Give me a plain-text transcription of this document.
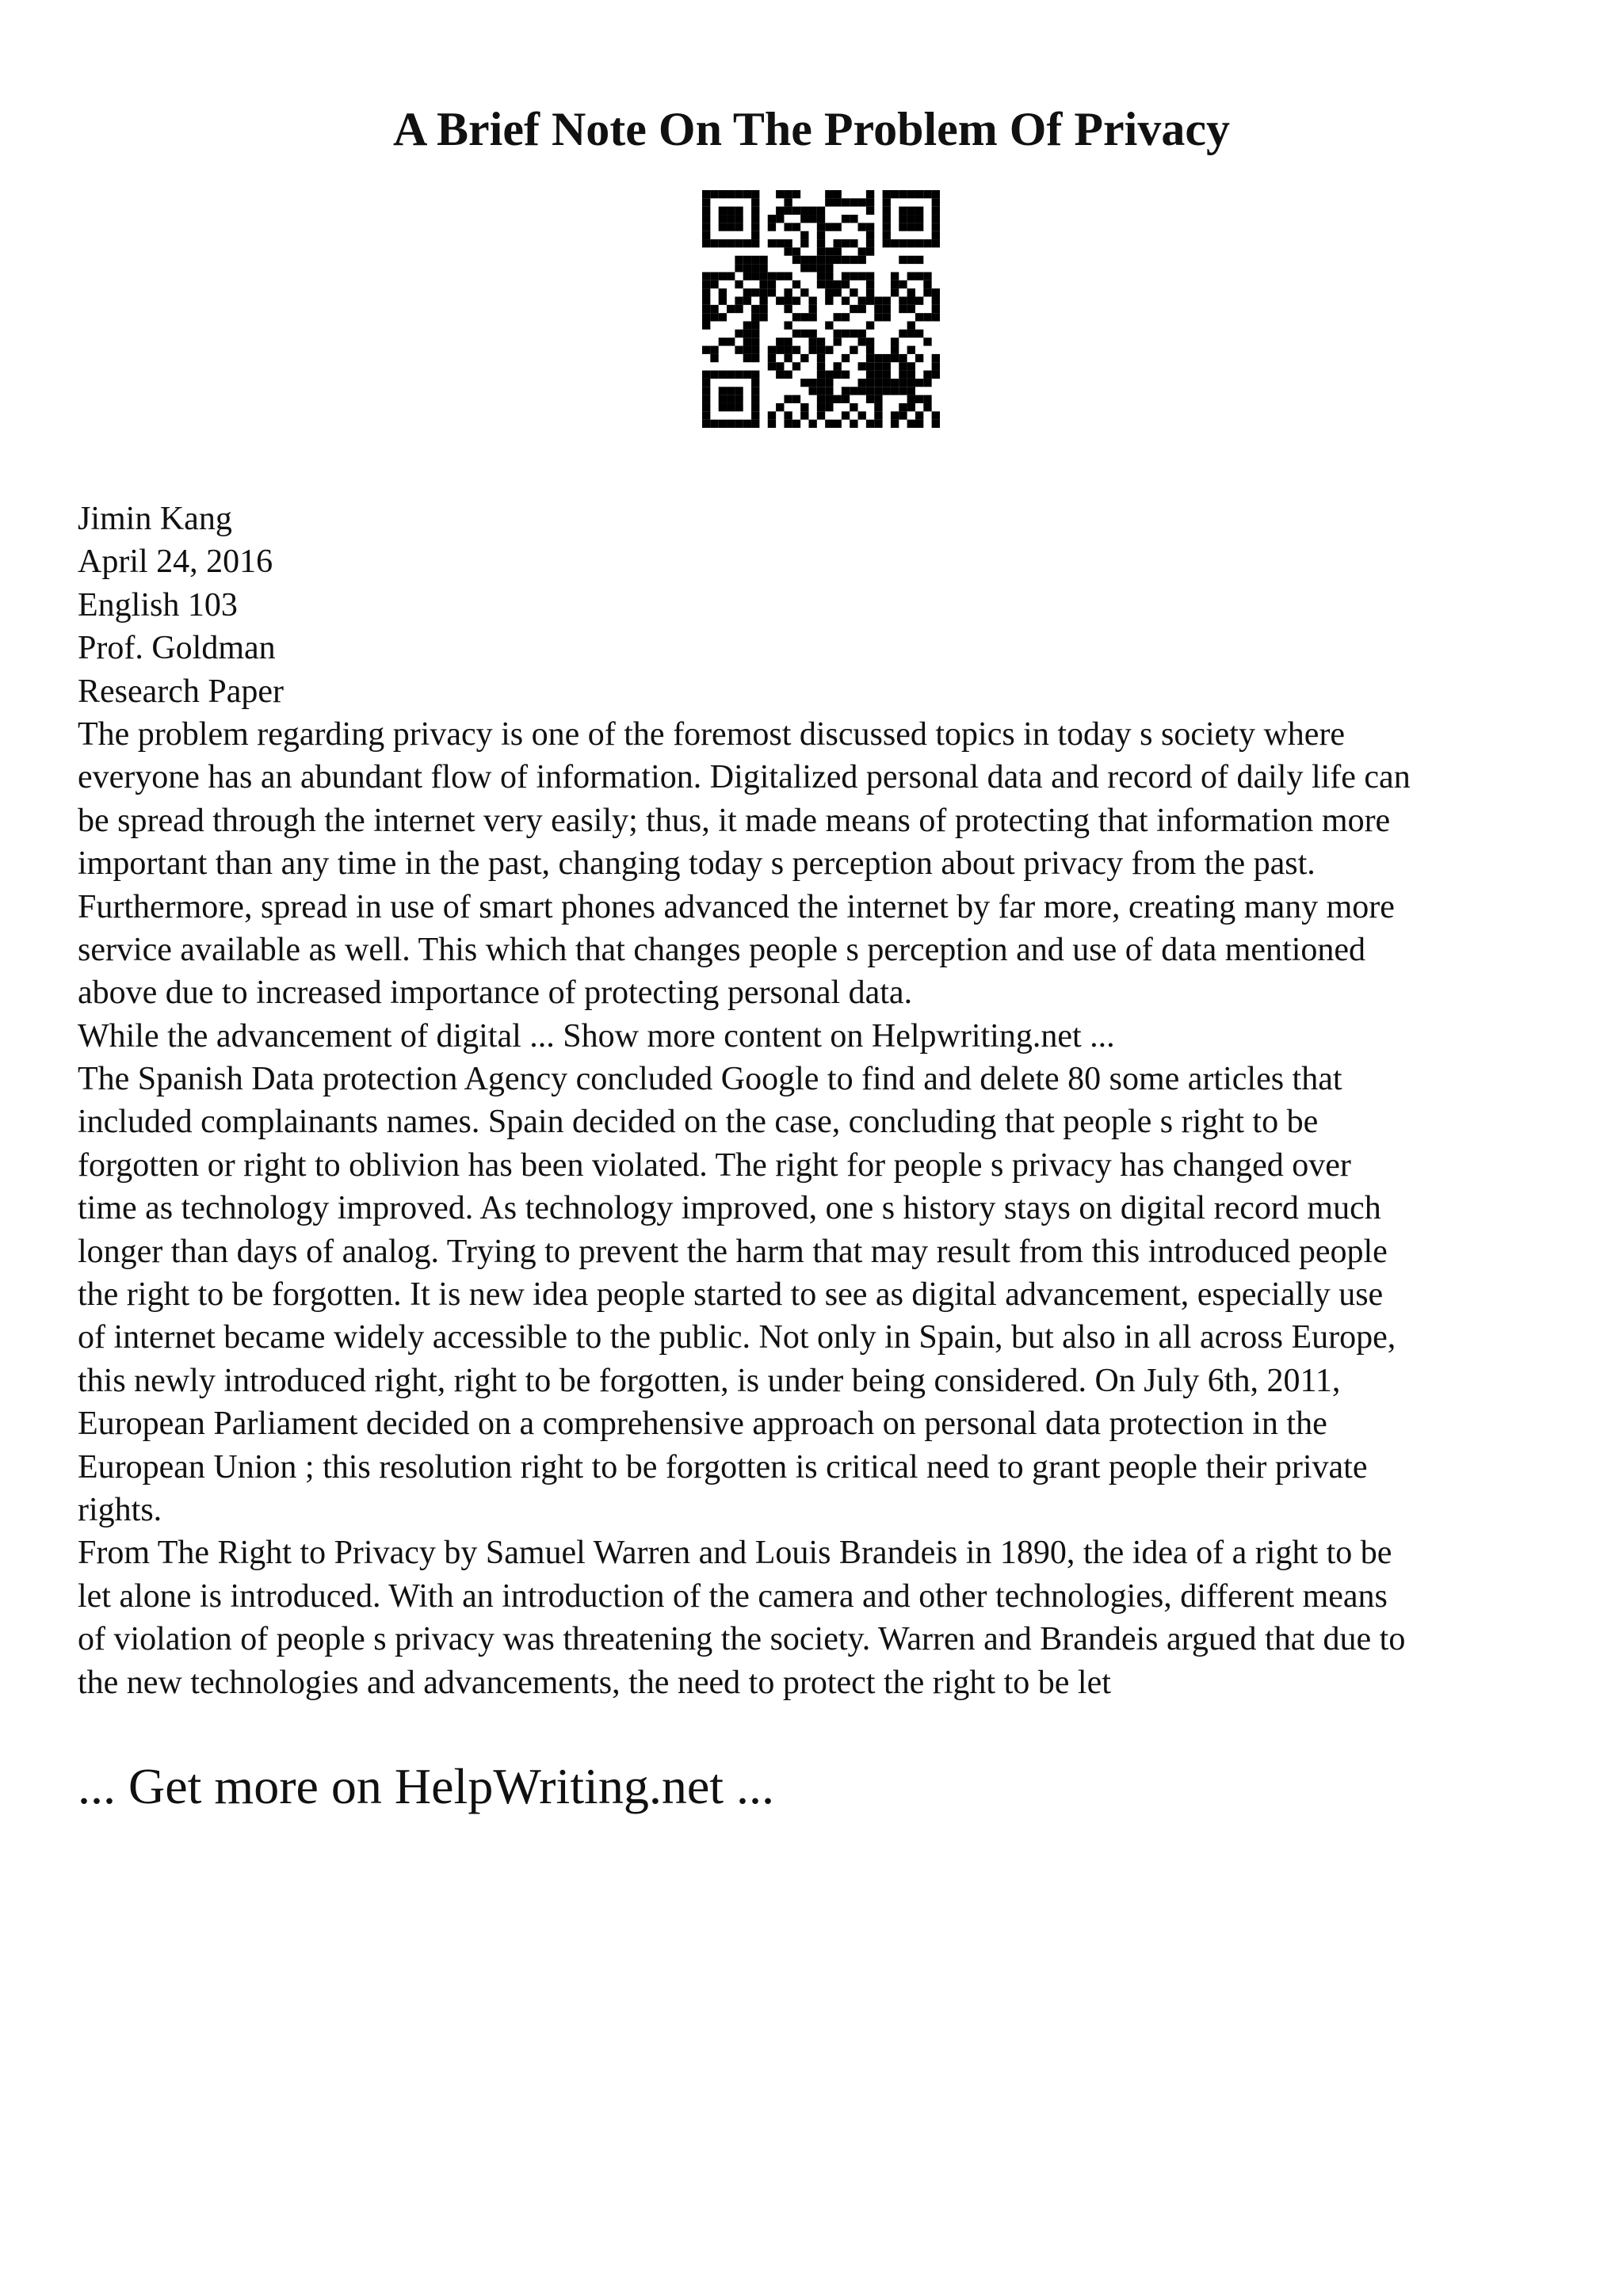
A Brief Note On The Problem Of Privacy
Jimin Kang
April 24, 2016
English 103
Prof. Goldman
Research Paper
The problem regarding privacy is one of the foremost discussed topics in today s society where
everyone has an abundant flow of information. Digitalized personal data and record of daily life can
be spread through the internet very easily; thus, it made means of protecting that information more
important than any time in the past, changing today s perception about privacy from the past.
Furthermore, spread in use of smart phones advanced the internet by far more, creating many more
service available as well. This which that changes people s perception and use of data mentioned
above due to increased importance of protecting personal data.
While the advancement of digital ... Show more content on Helpwriting.net ...
The Spanish Data protection Agency concluded Google to find and delete 80 some articles that
included complainants names. Spain decided on the case, concluding that people s right to be
forgotten or right to oblivion has been violated. The right for people s privacy has changed over
time as technology improved. As technology improved, one s history stays on digital record much
longer than days of analog. Trying to prevent the harm that may result from this introduced people
the right to be forgotten. It is new idea people started to see as digital advancement, especially use
of internet became widely accessible to the public. Not only in Spain, but also in all across Europe,
this newly introduced right, right to be forgotten, is under being considered. On July 6th, 2011,
European Parliament decided on a comprehensive approach on personal data protection in the
European Union ; this resolution right to be forgotten is critical need to grant people their private
rights.
From The Right to Privacy by Samuel Warren and Louis Brandeis in 1890, the idea of a right to be
let alone is introduced. With an introduction of the camera and other technologies, different means
of violation of people s privacy was threatening the society. Warren and Brandeis argued that due to
the new technologies and advancements, the need to protect the right to be let
... Get more on HelpWriting.net ...
